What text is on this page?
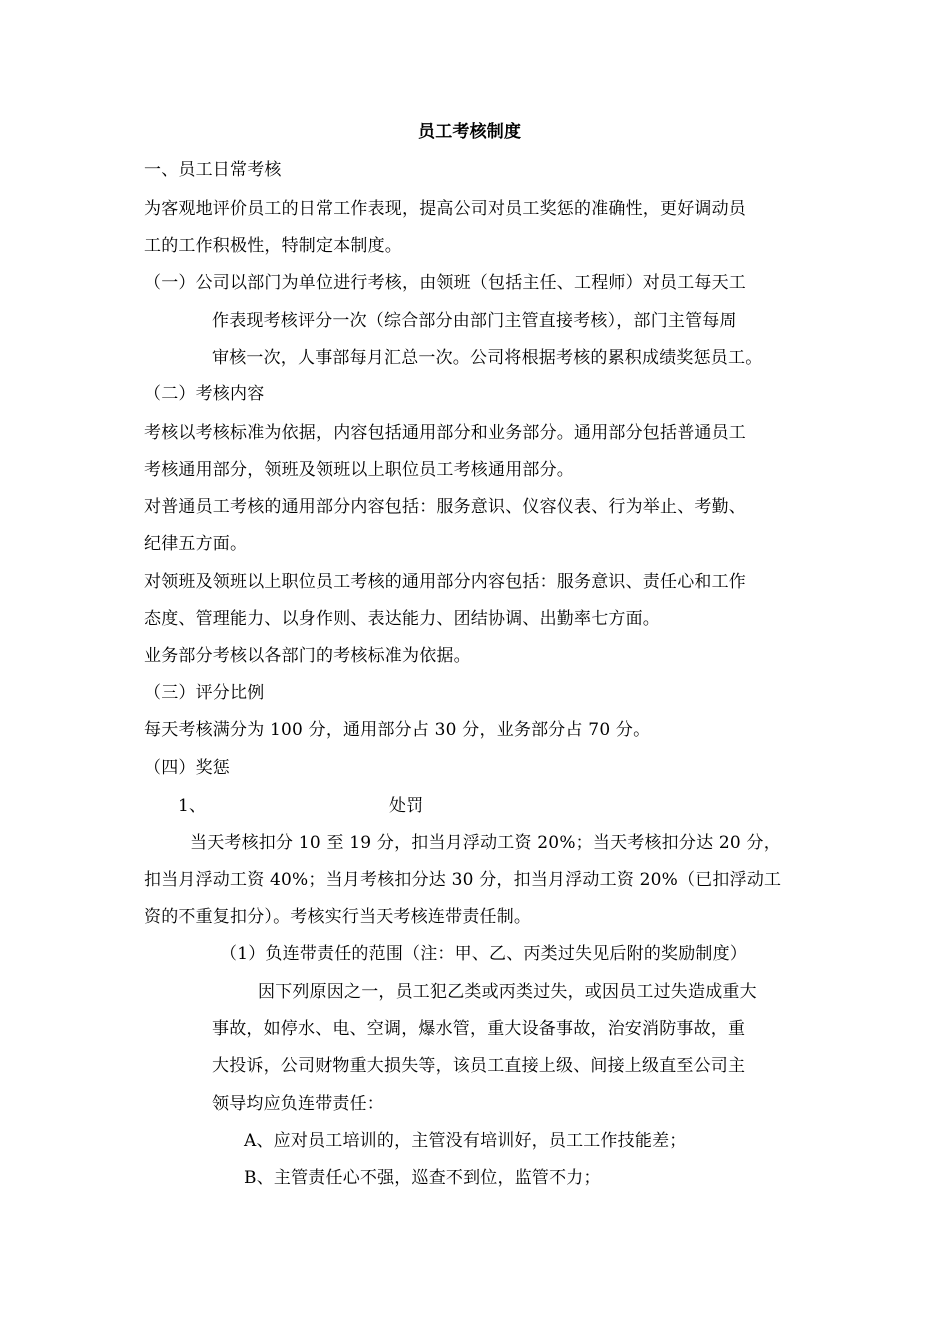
员工考核制度
一、员工日常考核
为客观地评价员工的日常工作表现，提高公司对员工奖惩的准确性，更好调动员
工的工作积极性，特制定本制度。
（一）公司以部门为单位进行考核，由领班（包括主任、工程师）对员工每天工
作表现考核评分一次（综合部分由部门主管直接考核），部门主管每周
审核一次，人事部每月汇总一次。公司将根据考核的累积成绩奖惩员工。
（二）考核内容
考核以考核标准为依据，内容包括通用部分和业务部分。通用部分包括普通员工
考核通用部分，领班及领班以上职位员工考核通用部分。
对普通员工考核的通用部分内容包括：服务意识、仪容仪表、行为举止、考勤、
纪律五方面。
对领班及领班以上职位员工考核的通用部分内容包括：服务意识、责任心和工作
态度、管理能力、以身作则、表达能力、团结协调、出勤率七方面。
业务部分考核以各部门的考核标准为依据。
（三）评分比例
每天考核满分为 100 分，通用部分占 30 分，业务部分占 70 分。
（四）奖惩
1、	处罚
当天考核扣分 10 至 19 分，扣当月浮动工资 20%；当天考核扣分达 20 分，
扣当月浮动工资 40%；当月考核扣分达 30 分，扣当月浮动工资 20%（已扣浮动工
资的不重复扣分）。考核实行当天考核连带责任制。
（1）负连带责任的范围（注：甲、乙、丙类过失见后附的奖励制度）
因下列原因之一，员工犯乙类或丙类过失，或因员工过失造成重大
事故，如停水、电、空调，爆水管，重大设备事故，治安消防事故，重
大投诉，公司财物重大损失等，该员工直接上级、间接上级直至公司主
领导均应负连带责任：
A、应对员工培训的，主管没有培训好，员工工作技能差；
B、主管责任心不强，巡查不到位，监管不力；
